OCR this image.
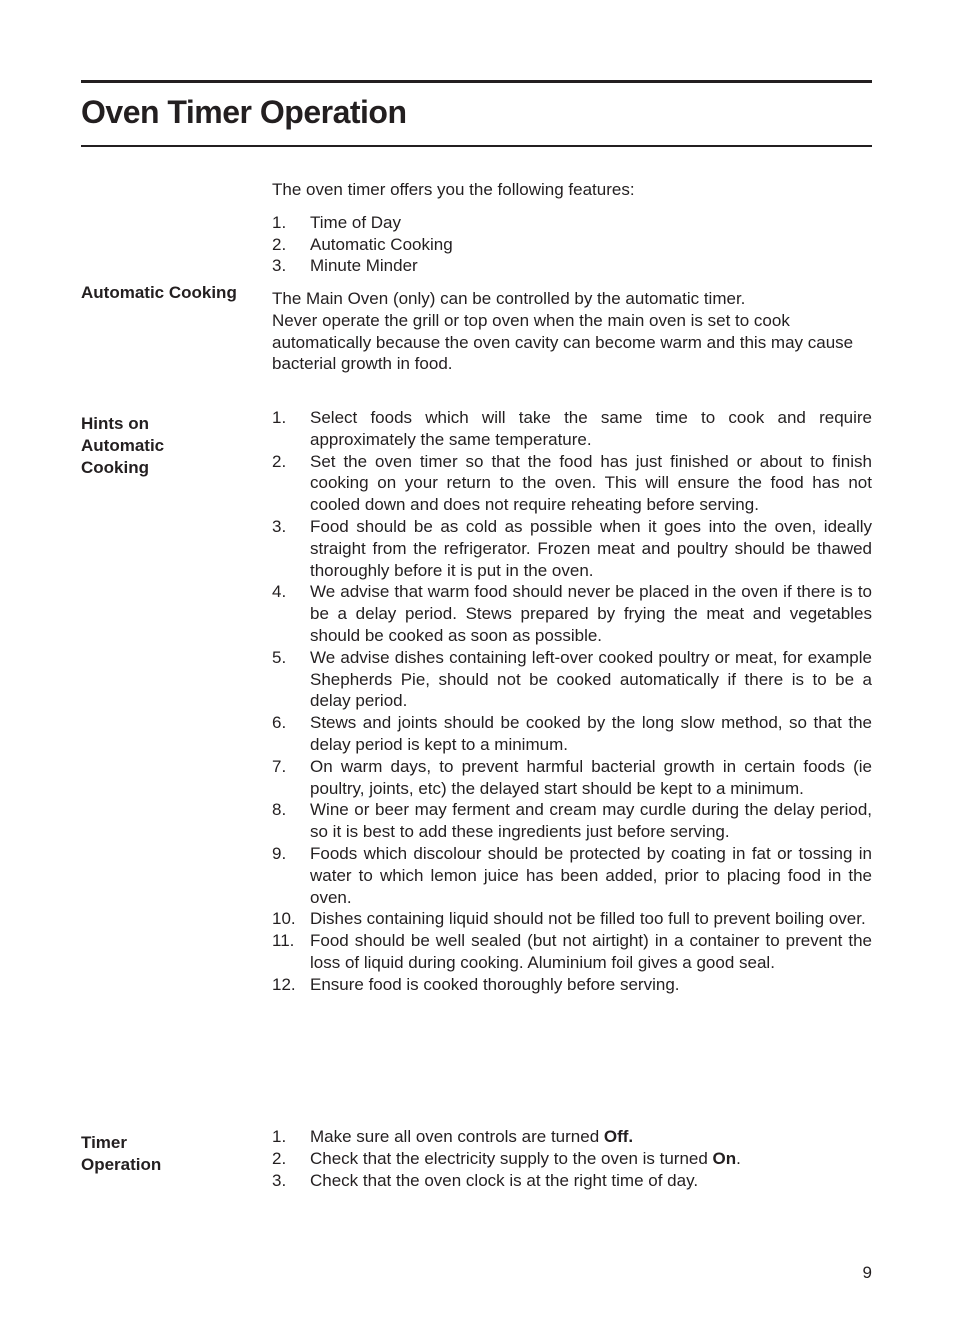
Oven Timer Operation

The oven timer offers you the following features:

1. Time of Day
2. Automatic Cooking
3. Minute Minder
Automatic Cooking	The Main Oven (only) can be controlled by the automatic timer.

Never operate the grill or top oven when the main oven is set to cook automatically because the oven cavity can become warm and this may cause bacterial growth in food.

Hints on
Automatic
Cooking
1. Select foods which will take the same time to cook and require approximately the same temperature.
2. Set the oven timer so that the food has just finished or about to finish cooking on your return to the oven. This will ensure the food has not cooled down and does not require reheating before serving.
3. Food should be as cold as possible when it goes into the oven, ideally straight from the refrigerator. Frozen meat and poultry should be thawed thoroughly before it is put in the oven.
4. We advise that warm food should never be placed in the oven if there is to be a delay period. Stews prepared by frying the meat and vegetables should be cooked as soon as possible.
5. We advise dishes containing left-over cooked poultry or meat, for example Shepherds Pie, should not be cooked automatically if there is to be a delay period.
6. Stews and joints should be cooked by the long slow method, so that the delay period is kept to a minimum.
7. On warm days, to prevent harmful bacterial growth in certain foods (ie poultry, joints, etc) the delayed start should be kept to a minimum.
8. Wine or beer may ferment and cream may curdle during the delay period, so it is best to add these ingredients just before serving.
9. Foods which discolour should be protected by coating in fat or tossing in water to which lemon juice has been added, prior to placing food in the oven.
10. Dishes containing liquid should not be filled too full to prevent boiling over.
11. Food should be well sealed (but not airtight) in a container to prevent the loss of liquid during cooking. Aluminium foil gives a good seal.
12. Ensure food is cooked thoroughly before serving.
Timer
Operation
1. Make sure all oven controls are turned Off.
2. Check that the electricity supply to the oven is turned On.
3. Check that the oven clock is at the right time of day.
9
